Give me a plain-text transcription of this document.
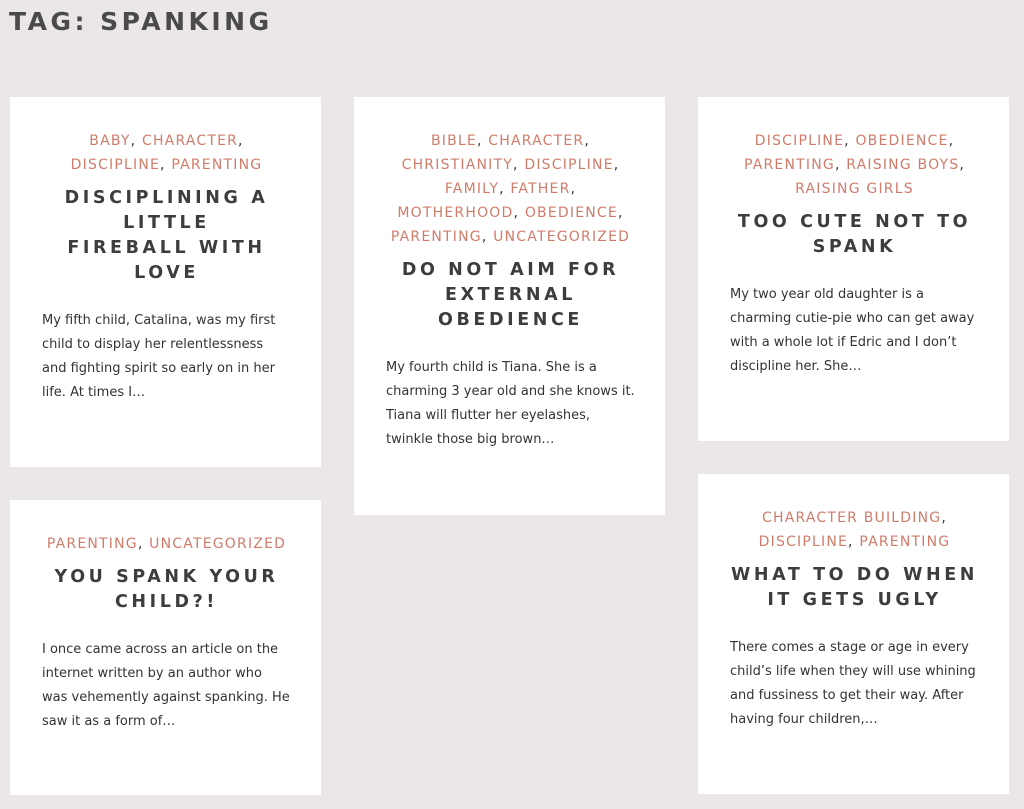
TAG: SPANKING
BABY, CHARACTER,
DISCIPLINE, PARENTING
DISCIPLINING A
LITTLE
FIREBALL WITH
LOVE

My fifth child, Catalina, was my first child to display her relentlessness and fighting spirit so early on in her life. At times I…

BIBLE, CHARACTER,
CHRISTIANITY, DISCIPLINE,
FAMILY, FATHER,
MOTHERHOOD, OBEDIENCE,
PARENTING, UNCATEGORIZED
DO NOT AIM FOR
EXTERNAL
OBEDIENCE

My fourth child is Tiana. She is a charming 3 year old and she knows it. Tiana will flutter her eyelashes, twinkle those big brown…

DISCIPLINE, OBEDIENCE,
PARENTING, RAISING BOYS,
RAISING GIRLS
TOO CUTE NOT TO
SPANK

My two year old daughter is a charming cutie-pie who can get away with a whole lot if Edric and I don’t discipline her. She…

PARENTING, UNCATEGORIZED
YOU SPANK YOUR
CHILD?!

I once came across an article on the internet written by an author who was vehemently against spanking. He saw it as a form of…

CHARACTER BUILDING,
DISCIPLINE, PARENTING
WHAT TO DO WHEN
IT GETS UGLY

There comes a stage or age in every child’s life when they will use whining and fussiness to get their way. After having four children,…
